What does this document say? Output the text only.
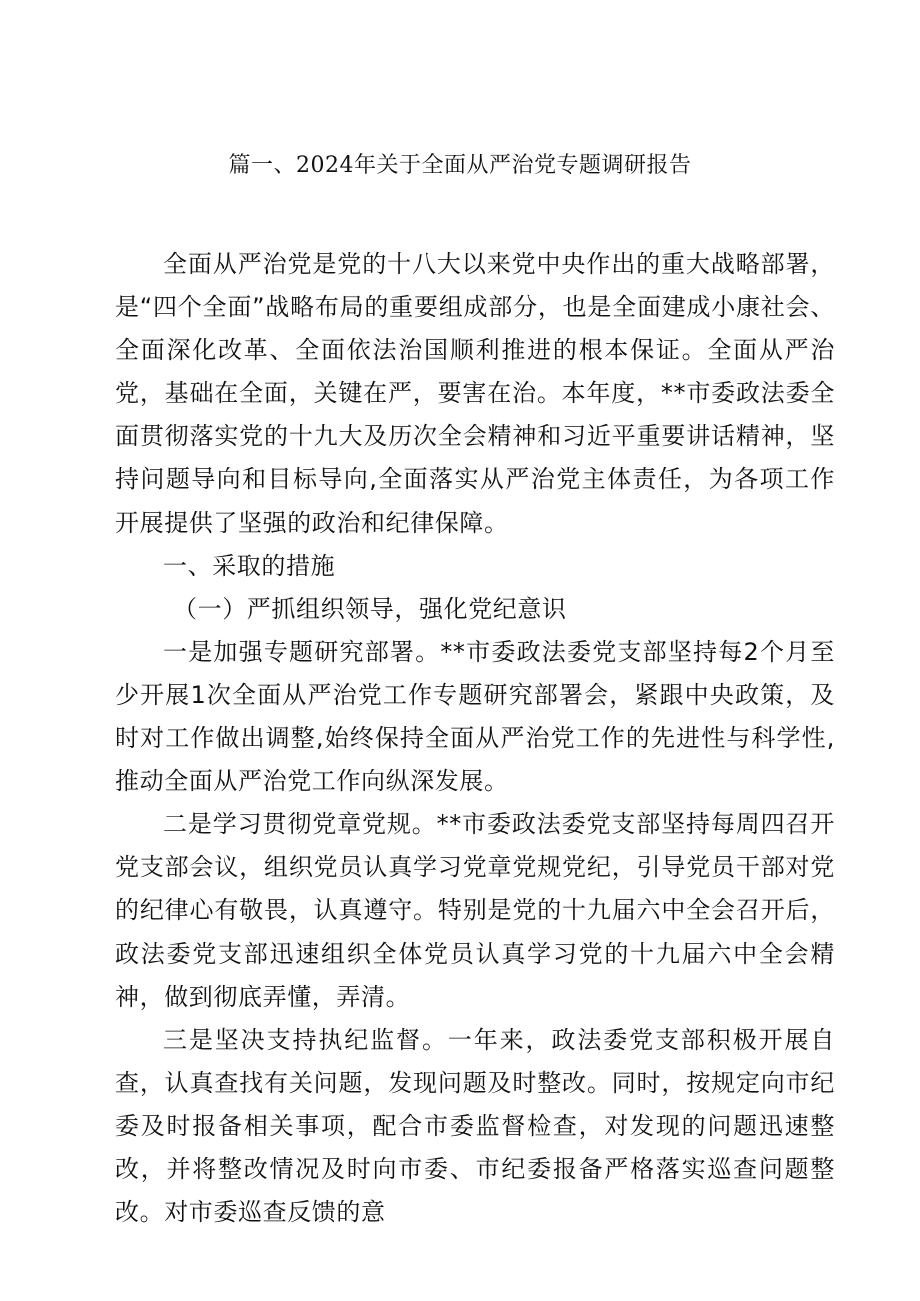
篇一、2024年关于全面从严治党专题调研报告

全面从严治党是党的十八大以来党中央作出的重大战略部署，是“四个全面”战略布局的重要组成部分，也是全面建成小康社会、全面深化改革、全面依法治国顺利推进的根本保证。全面从严治党，基础在全面，关键在严，要害在治。本年度，**市委政法委全面贯彻落实党的十九大及历次全会精神和习近平重要讲话精神，坚持问题导向和目标导向,全面落实从严治党主体责任，为各项工作开展提供了坚强的政治和纪律保障。

一、采取的措施

（一）严抓组织领导，强化党纪意识

一是加强专题研究部署。**市委政法委党支部坚持每2个月至少开展1次全面从严治党工作专题研究部署会，紧跟中央政策，及时对工作做出调整,始终保持全面从严治党工作的先进性与科学性,推动全面从严治党工作向纵深发展。

二是学习贯彻党章党规。**市委政法委党支部坚持每周四召开党支部会议，组织党员认真学习党章党规党纪，引导党员干部对党的纪律心有敬畏，认真遵守。特别是党的十九届六中全会召开后，政法委党支部迅速组织全体党员认真学习党的十九届六中全会精神，做到彻底弄懂，弄清。

三是坚决支持执纪监督。一年来，政法委党支部积极开展自查，认真查找有关问题，发现问题及时整改。同时，按规定向市纪委及时报备相关事项，配合市委监督检查，对发现的问题迅速整改，并将整改情况及时向市委、市纪委报备严格落实巡查问题整改。对市委巡查反馈的意
